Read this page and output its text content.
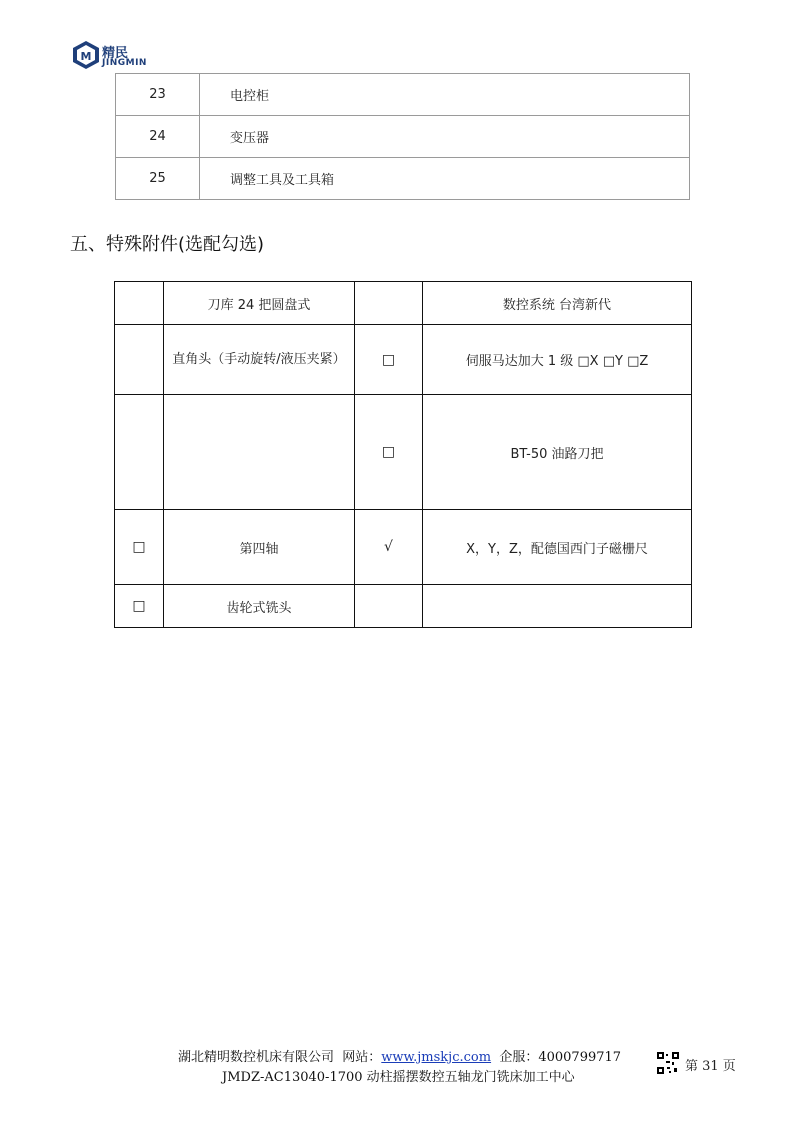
M 精民
JINGMIN
23	电控柜
24	变压器
25	调整工具及工具箱
五、特殊附件(选配勾选)
	刀库 24 把圆盘式		数控系统 台湾新代
	直角头（手动旋转/液压夹紧）	□	伺服马达加大 1 级 □X □Y □Z
		□	BT-50 油路刀把
□	第四轴	√	X，Y，Z，配德国西门子磁栅尺
□	齿轮式铣头		
湖北精明数控机床有限公司 网站：www.jmskjc.com 企服：4000799717
JMDZ-AC13040-1700 动柱摇摆数控五轴龙门铣床加工中心
第 31 页
